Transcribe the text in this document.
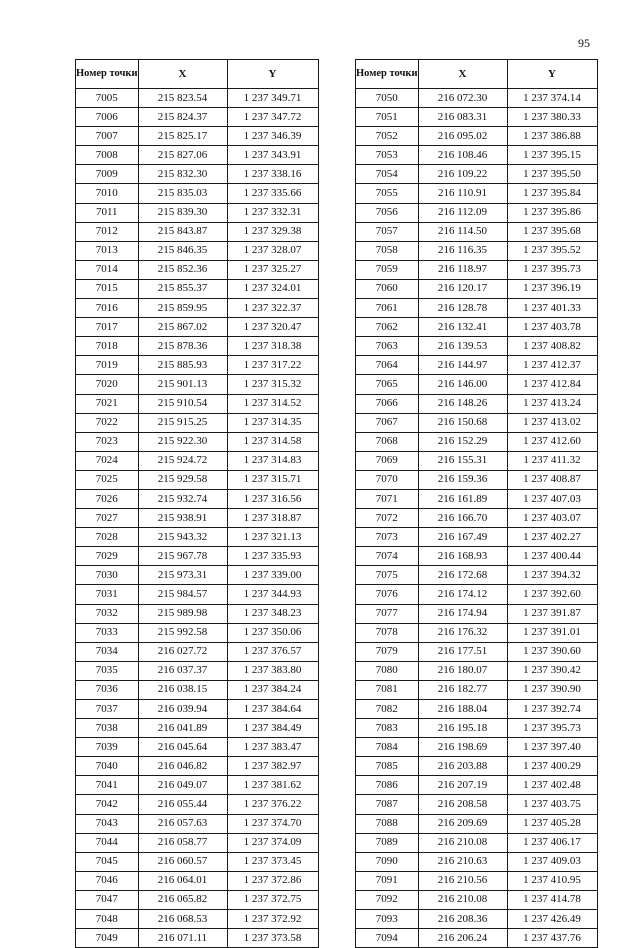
95
Номер точки	X	Y
7005	215 823.54	1 237 349.71
7006	215 824.37	1 237 347.72
7007	215 825.17	1 237 346.39
7008	215 827.06	1 237 343.91
7009	215 832.30	1 237 338.16
7010	215 835.03	1 237 335.66
7011	215 839.30	1 237 332.31
7012	215 843.87	1 237 329.38
7013	215 846.35	1 237 328.07
7014	215 852.36	1 237 325.27
7015	215 855.37	1 237 324.01
7016	215 859.95	1 237 322.37
7017	215 867.02	1 237 320.47
7018	215 878.36	1 237 318.38
7019	215 885.93	1 237 317.22
7020	215 901.13	1 237 315.32
7021	215 910.54	1 237 314.52
7022	215 915.25	1 237 314.35
7023	215 922.30	1 237 314.58
7024	215 924.72	1 237 314.83
7025	215 929.58	1 237 315.71
7026	215 932.74	1 237 316.56
7027	215 938.91	1 237 318.87
7028	215 943.32	1 237 321.13
7029	215 967.78	1 237 335.93
7030	215 973.31	1 237 339.00
7031	215 984.57	1 237 344.93
7032	215 989.98	1 237 348.23
7033	215 992.58	1 237 350.06
7034	216 027.72	1 237 376.57
7035	216 037.37	1 237 383.80
7036	216 038.15	1 237 384.24
7037	216 039.94	1 237 384.64
7038	216 041.89	1 237 384.49
7039	216 045.64	1 237 383.47
7040	216 046.82	1 237 382.97
7041	216 049.07	1 237 381.62
7042	216 055.44	1 237 376.22
7043	216 057.63	1 237 374.70
7044	216 058.77	1 237 374.09
7045	216 060.57	1 237 373.45
7046	216 064.01	1 237 372.86
7047	216 065.82	1 237 372.75
7048	216 068.53	1 237 372.92
7049	216 071.11	1 237 373.58
Номер точки	X	Y
7050	216 072.30	1 237 374.14
7051	216 083.31	1 237 380.33
7052	216 095.02	1 237 386.88
7053	216 108.46	1 237 395.15
7054	216 109.22	1 237 395.50
7055	216 110.91	1 237 395.84
7056	216 112.09	1 237 395.86
7057	216 114.50	1 237 395.68
7058	216 116.35	1 237 395.52
7059	216 118.97	1 237 395.73
7060	216 120.17	1 237 396.19
7061	216 128.78	1 237 401.33
7062	216 132.41	1 237 403.78
7063	216 139.53	1 237 408.82
7064	216 144.97	1 237 412.37
7065	216 146.00	1 237 412.84
7066	216 148.26	1 237 413.24
7067	216 150.68	1 237 413.02
7068	216 152.29	1 237 412.60
7069	216 155.31	1 237 411.32
7070	216 159.36	1 237 408.87
7071	216 161.89	1 237 407.03
7072	216 166.70	1 237 403.07
7073	216 167.49	1 237 402.27
7074	216 168.93	1 237 400.44
7075	216 172.68	1 237 394.32
7076	216 174.12	1 237 392.60
7077	216 174.94	1 237 391.87
7078	216 176.32	1 237 391.01
7079	216 177.51	1 237 390.60
7080	216 180.07	1 237 390.42
7081	216 182.77	1 237 390.90
7082	216 188.04	1 237 392.74
7083	216 195.18	1 237 395.73
7084	216 198.69	1 237 397.40
7085	216 203.88	1 237 400.29
7086	216 207.19	1 237 402.48
7087	216 208.58	1 237 403.75
7088	216 209.69	1 237 405.28
7089	216 210.08	1 237 406.17
7090	216 210.63	1 237 409.03
7091	216 210.56	1 237 410.95
7092	216 210.08	1 237 414.78
7093	216 208.36	1 237 426.49
7094	216 206.24	1 237 437.76
